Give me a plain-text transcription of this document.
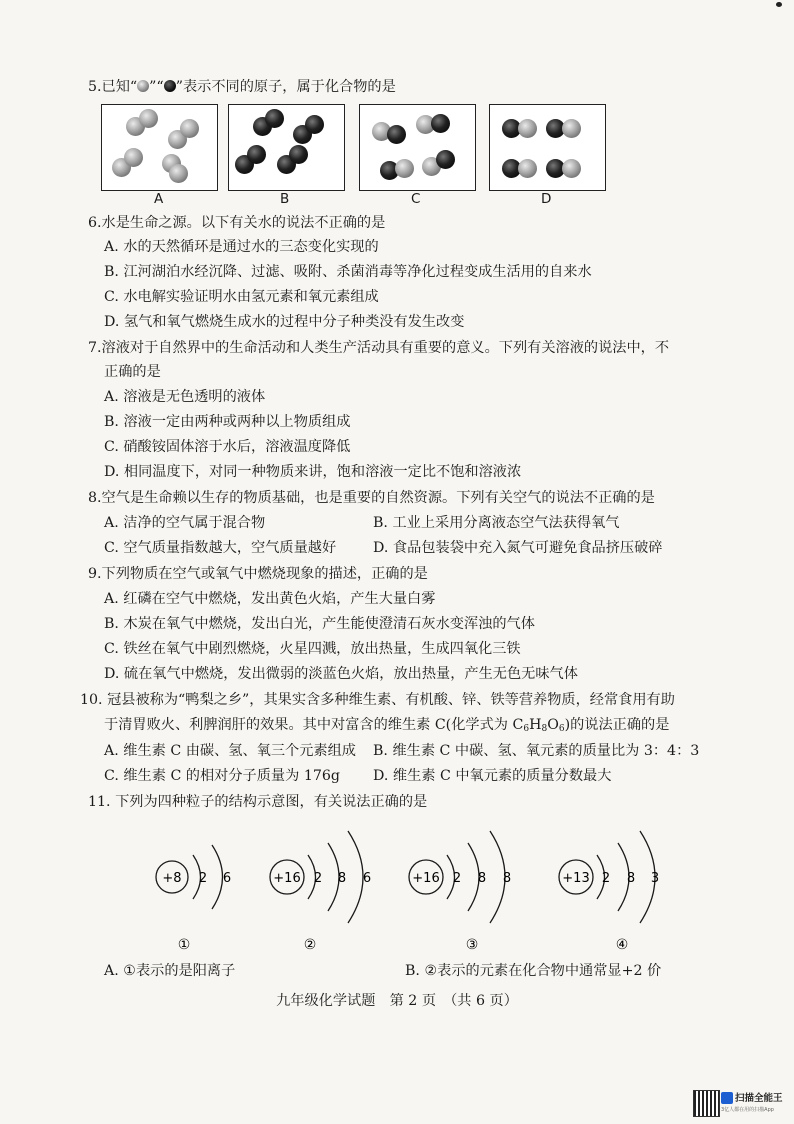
5.已知“ ”“ ”表示不同的原子，属于化合物的是
A	B	C	D
6.水是生命之源。以下有关水的说法不正确的是
A. 水的天然循环是通过水的三态变化实现的
B. 江河湖泊水经沉降、过滤、吸附、杀菌消毒等净化过程变成生活用的自来水
C. 水电解实验证明水由氢元素和氧元素组成
D. 氢气和氧气燃烧生成水的过程中分子种类没有发生改变
7.溶液对于自然界中的生命活动和人类生产活动具有重要的意义。下列有关溶液的说法中，不
正确的是
A. 溶液是无色透明的液体
B. 溶液一定由两种或两种以上物质组成
C. 硝酸铵固体溶于水后，溶液温度降低
D. 相同温度下，对同一种物质来讲，饱和溶液一定比不饱和溶液浓
8.空气是生命赖以生存的物质基础，也是重要的自然资源。下列有关空气的说法不正确的是
A. 洁净的空气属于混合物	B. 工业上采用分离液态空气法获得氧气
C. 空气质量指数越大，空气质量越好	D. 食品包装袋中充入氮气可避免食品挤压破碎
9.下列物质在空气或氧气中燃烧现象的描述，正确的是
A. 红磷在空气中燃烧，发出黄色火焰，产生大量白雾
B. 木炭在氧气中燃烧，发出白光，产生能使澄清石灰水变浑浊的气体
C. 铁丝在氧气中剧烈燃烧，火星四溅，放出热量，生成四氧化三铁
D. 硫在氧气中燃烧，发出微弱的淡蓝色火焰，放出热量，产生无色无味气体
10. 冠县被称为“鸭梨之乡”，其果实含多种维生素、有机酸、锌、铁等营养物质，经常食用有助
于清胃败火、利脾润肝的效果。其中对富含的维生素 C(化学式为 $C_6H_8O_6$)的说法正确的是
A. 维生素 C 由碳、氢、氧三个元素组成 B. 维生素 C 中碳、氢、氧元素的质量比为 3：4：3
C. 维生素 C 的相对分子质量为 176g D. 维生素 C 中氧元素的质量分数最大
11. 下列为四种粒子的结构示意图，有关说法正确的是
+8 2 6
①
+16 2 8 6
②
+16 2 8 8
③
+13 2 8 3
④
A. ①表示的是阳离子	B. ②表示的元素在化合物中通常显+2 价
九年级化学试题　第 2 页　（共 6 页）
扫描全能王
3亿人都在用的扫描App
